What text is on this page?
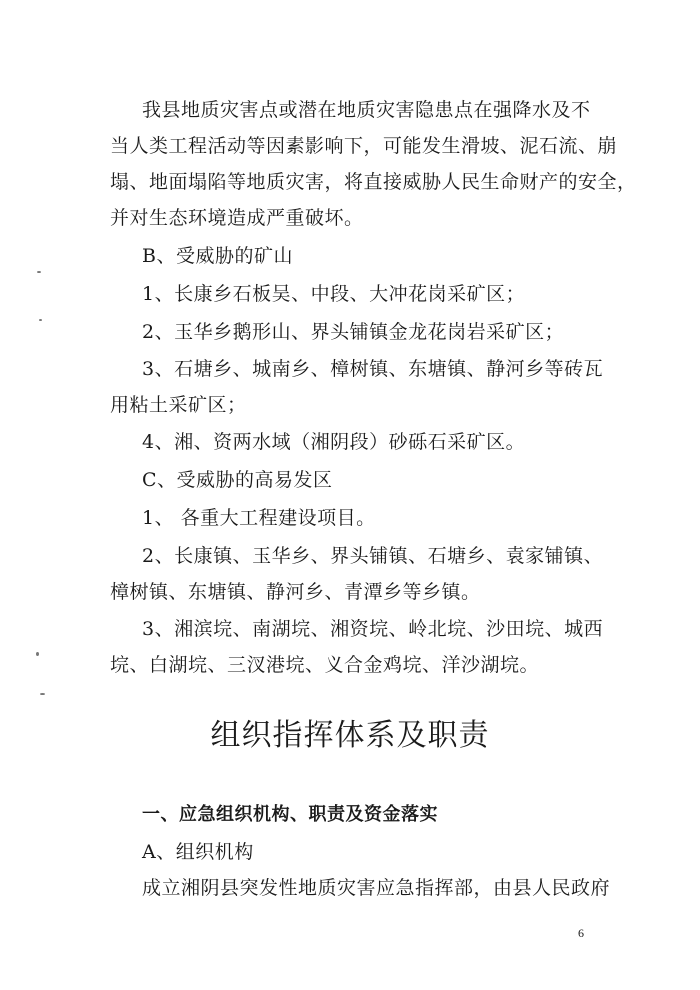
我县地质灾害点或潜在地质灾害隐患点在强降水及不
当人类工程活动等因素影响下，可能发生滑坡、泥石流、崩
塌、地面塌陷等地质灾害，将直接威胁人民生命财产的安全，
并对生态环境造成严重破坏。
B、受威胁的矿山
1、长康乡石板吴、中段、大冲花岗采矿区；
2、玉华乡鹅形山、界头铺镇金龙花岗岩采矿区；
3、石塘乡、城南乡、樟树镇、东塘镇、静河乡等砖瓦
用粘土采矿区；
4、湘、资两水域（湘阴段）砂砾石采矿区。
C、受威胁的高易发区
1、 各重大工程建设项目。
2、长康镇、玉华乡、界头铺镇、石塘乡、袁家铺镇、
樟树镇、东塘镇、静河乡、青潭乡等乡镇。
3、湘滨垸、南湖垸、湘资垸、岭北垸、沙田垸、城西
垸、白湖垸、三汊港垸、义合金鸡垸、洋沙湖垸。
组织指挥体系及职责
一、应急组织机构、职责及资金落实
A、组织机构
成立湘阴县突发性地质灾害应急指挥部，由县人民政府
6
